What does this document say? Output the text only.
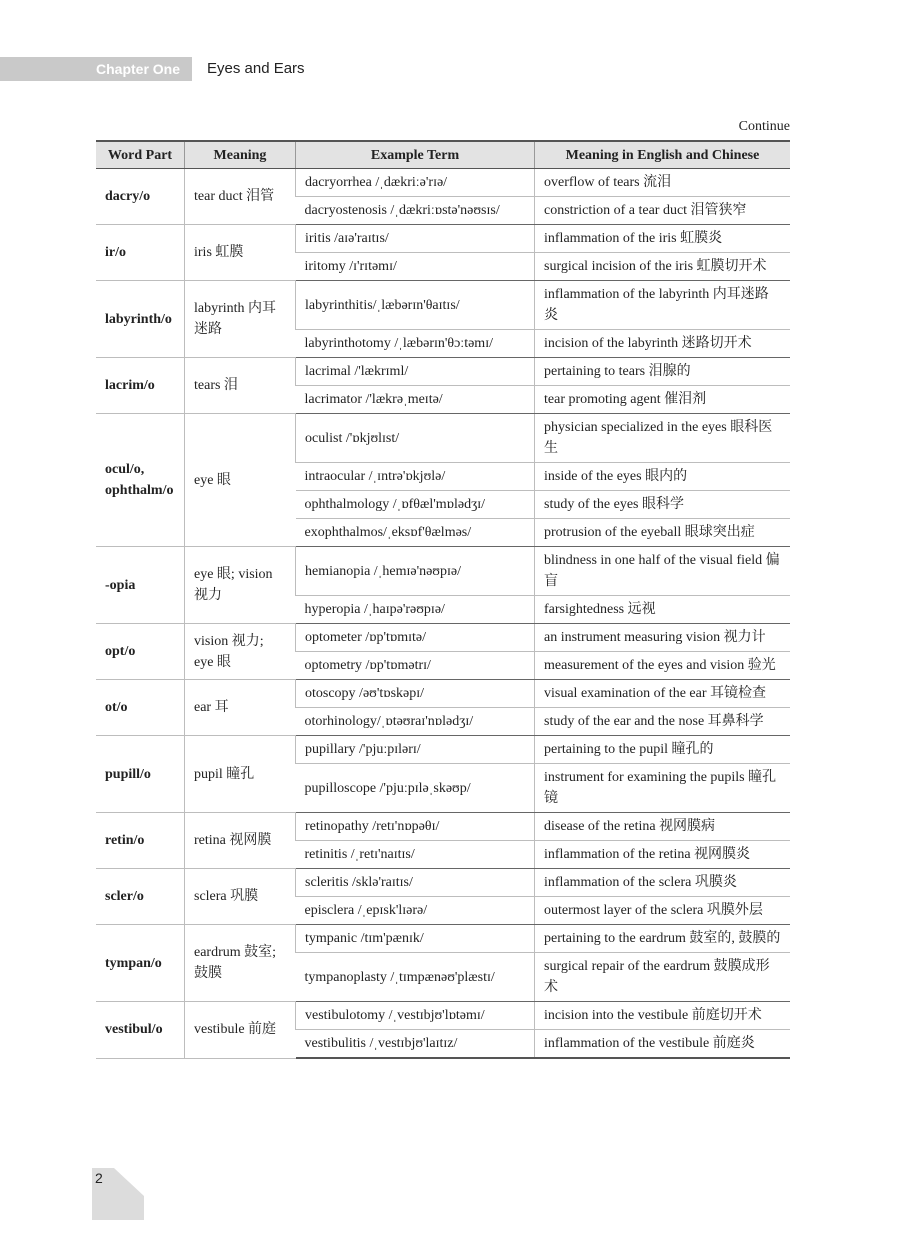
Chapter One Eyes and Ears
Continue
Word Part	Meaning	Example Term	Meaning in English and Chinese
dacry/o	tear duct 泪管	dacryorrhea /ˌdækriːə'rɪə/	overflow of tears 流泪
		dacryostenosis /ˌdækriːɒstə'nəʊsɪs/	constriction of a tear duct 泪管狭窄
ir/o	iris 虹膜	iritis /aɪə'raɪtɪs/	inflammation of the iris 虹膜炎
		iritomy /ɪ'rɪtəmɪ/	surgical incision of the iris 虹膜切开术
labyrinth/o	labyrinth 内耳迷路	labyrinthitis/ˌlæbərɪn'θaɪtɪs/	inflammation of the labyrinth 内耳迷路炎
		labyrinthotomy /ˌlæbərɪn'θɔːtəmɪ/	incision of the labyrinth 迷路切开术
lacrim/o	tears 泪	lacrimal /'lækrɪml/	pertaining to tears 泪腺的
		lacrimator /'lækrəˌmeɪtə/	tear promoting agent 催泪剂
ocul/o, ophthalm/o	eye 眼	oculist /'ɒkjʊlɪst/	physician specialized in the eyes 眼科医生
		intraocular /ˌɪntrə'ɒkjʊlə/	inside of the eyes 眼内的
		ophthalmology /ˌɒfθæl'mɒlədʒɪ/	study of the eyes 眼科学
		exophthalmos/ˌeksɒf'θælməs/	protrusion of the eyeball 眼球突出症
-opia	eye 眼; vision 视力	hemianopia /ˌhemɪə'nəʊpɪə/	blindness in one half of the visual field 偏盲
		hyperopia /ˌhaɪpə'rəʊpɪə/	farsightedness 远视
opt/o	vision 视力; eye 眼	optometer /ɒp'tɒmɪtə/	an instrument measuring vision 视力计
		optometry /ɒp'tɒmətrɪ/	measurement of the eyes and vision 验光
ot/o	ear 耳	otoscopy /əʊ'tɒskəpɪ/	visual examination of the ear 耳镜检查
		otorhinology/ˌɒtəʊraɪ'nɒlədʒɪ/	study of the ear and the nose 耳鼻科学
pupill/o	pupil 瞳孔	pupillary /'pjuːpɪlərɪ/	pertaining to the pupil 瞳孔的
		pupilloscope /'pjuːpɪləˌskəʊp/	instrument for examining the pupils 瞳孔镜
retin/o	retina 视网膜	retinopathy /retɪ'nɒpəθɪ/	disease of the retina 视网膜病
		retinitis /ˌretɪ'naɪtɪs/	inflammation of the retina 视网膜炎
scler/o	sclera 巩膜	scleritis /sklə'raɪtɪs/	inflammation of the sclera 巩膜炎
		episclera /ˌepɪsk'lɪərə/	outermost layer of the sclera 巩膜外层
tympan/o	eardrum 鼓室; 鼓膜	tympanic /tɪm'pænɪk/	pertaining to the eardrum 鼓室的, 鼓膜的
		tympanoplasty /ˌtɪmpænəʊ'plæstɪ/	surgical repair of the eardrum 鼓膜成形术
vestibul/o	vestibule 前庭	vestibulotomy /ˌvestɪbjʊ'lɒtəmɪ/	incision into the vestibule 前庭切开术
		vestibulitis /ˌvestɪbjʊ'laɪtɪz/	inflammation of the vestibule 前庭炎
2
